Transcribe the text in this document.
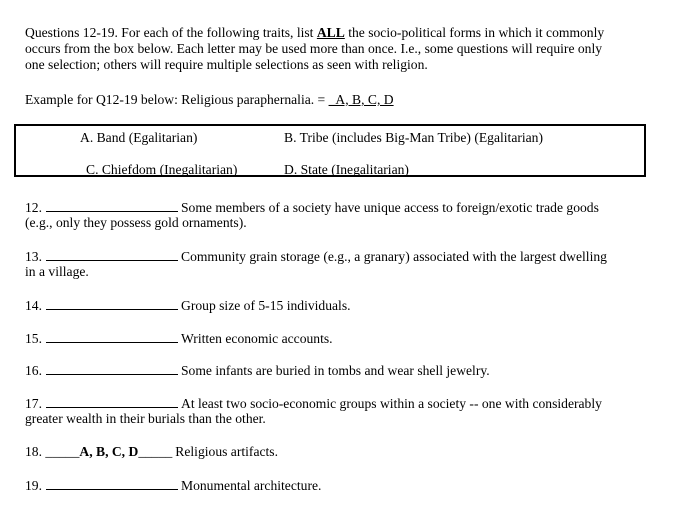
Questions 12-19. For each of the following traits, list ALL the socio-political forms in which it commonly
occurs from the box below. Each letter may be used more than once. I.e., some questions will require only
one selection; others will require multiple selections as seen with religion.
Example for Q12-19 below: Religious paraphernalia. = _A, B, C, D
A. Band (Egalitarian)	B. Tribe (includes Big-Man Tribe) (Egalitarian)
C. Chiefdom (Inegalitarian)	D. State (Inegalitarian)
12.	Some members of a society have unique access to foreign/exotic trade goods
(e.g., only they possess gold ornaments).
13.	Community grain storage (e.g., a granary) associated with the largest dwelling
in a village.
14.	Group size of 5-15 individuals.
15.	Written economic accounts.
16.	Some infants are buried in tombs and wear shell jewelry.
17.	At least two socio-economic groups within a society -- one with considerably
greater wealth in their burials than the other.
18. _____A, B, C, D_____ Religious artifacts.
19.	Monumental architecture.
